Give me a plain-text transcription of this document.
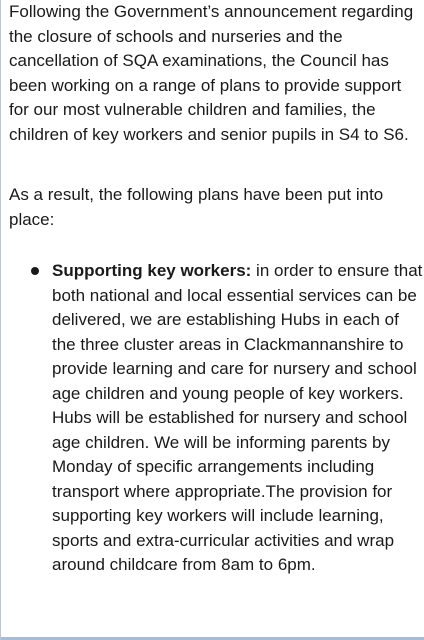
Following the Government’s announcement regarding the closure of schools and nurseries and the cancellation of SQA examinations, the Council has been working on a range of plans to provide support for our most vulnerable children and families, the children of key workers and senior pupils in S4 to S6.

As a result, the following plans have been put into place:

Supporting key workers: in order to ensure that both national and local essential services can be delivered, we are establishing Hubs in each of the three cluster areas in Clackmannanshire to provide learning and care for nursery and school age children and young people of key workers. Hubs will be established for nursery and school age children. We will be informing parents by Monday of specific arrangements including transport where appropriate.The provision for supporting key workers will include learning, sports and extra-curricular activities and wrap around childcare from 8am to 6pm.
